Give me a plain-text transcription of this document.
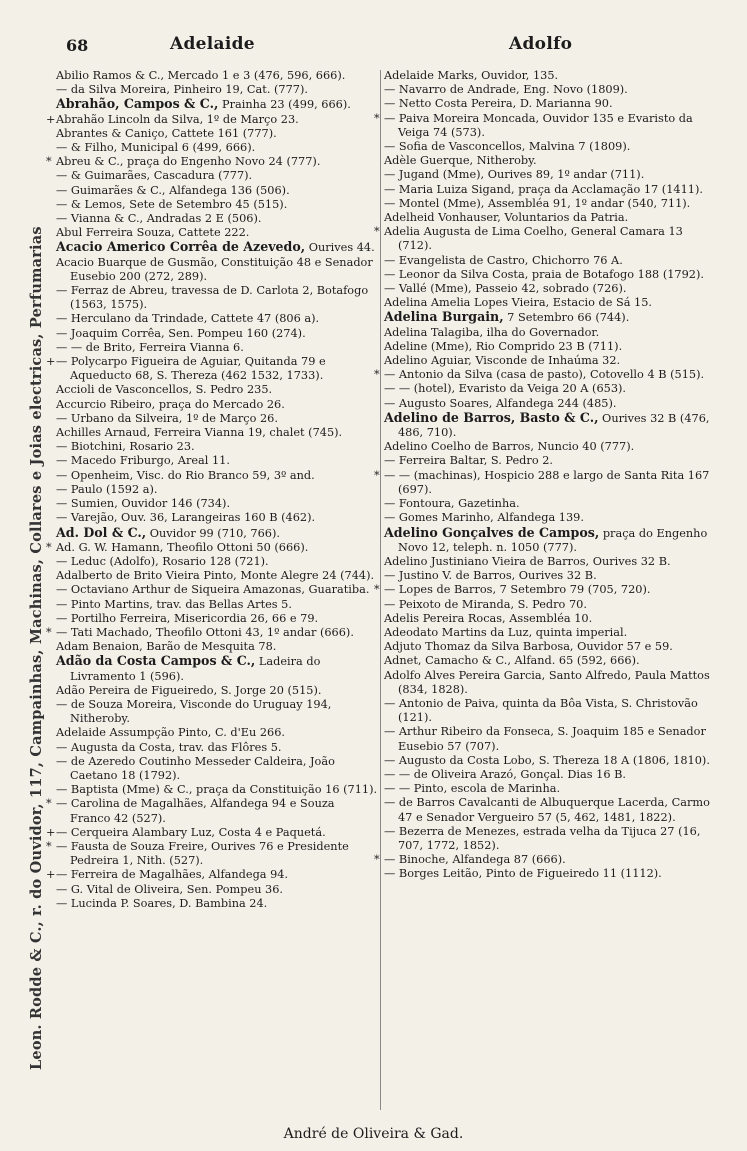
68	Adelaide	Adolfo
Leon. Rodde & C., r. do Ouvidor, 117, Campainhas, Machinas, Collares e Joias electricas, Perfumarias

Abilio Ramos & C., Mercado 1 e 3 (476, 596, 666).

— da Silva Moreira, Pinheiro 19, Cat. (777).

Abrahão, Campos & C., Prainha 23 (499, 666).

+ Abrahão Lincoln da Silva, 1º de Março 23.

Abrantes & Caniço, Cattete 161 (777).

— & Filho, Municipal 6 (499, 666).

* Abreu & C., praça do Engenho Novo 24 (777).

— & Guimarães, Cascadura (777).

— Guimarães & C., Alfandega 136 (506).

— & Lemos, Sete de Setembro 45 (515).

— Vianna & C., Andradas 2 E (506).

Abul Ferreira Souza, Cattete 222.

Acacio Americo Corrêa de Azevedo, Ourives 44.

Acacio Buarque de Gusmão, Constituição 48 e Senador Eusebio 200 (272, 289).

— Ferraz de Abreu, travessa de D. Carlota 2, Botafogo (1563, 1575).

— Herculano da Trindade, Cattete 47 (806 a).

— Joaquim Corrêa, Sen. Pompeu 160 (274).

— — de Brito, Ferreira Vianna 6.

+ — Polycarpo Figueira de Aguiar, Quitanda 79 e Aqueducto 68, S. Thereza (462 1532, 1733).

Accioli de Vasconcellos, S. Pedro 235.

Accurcio Ribeiro, praça do Mercado 26.

— Urbano da Silveira, 1º de Março 26.

Achilles Arnaud, Ferreira Vianna 19, chalet (745).

— Biotchini, Rosario 23.

— Macedo Friburgo, Areal 11.

— Openheim, Visc. do Rio Branco 59, 3º and.

— Paulo (1592 a).

— Sumien, Ouvidor 146 (734).

— Varejão, Ouv. 36, Larangeiras 160 B (462).

Ad. Dol & C., Ouvidor 99 (710, 766).

* Ad. G. W. Hamann, Theofilo Ottoni 50 (666).

— Leduc (Adolfo), Rosario 128 (721).

Adalberto de Brito Vieira Pinto, Monte Alegre 24 (744).

— Octaviano Arthur de Siqueira Amazonas, Guaratiba.

— Pinto Martins, trav. das Bellas Artes 5.

— Portilho Ferreira, Misericordia 26, 66 e 79.

* — Tati Machado, Theofilo Ottoni 43, 1º andar (666).

Adam Benaion, Barão de Mesquita 78.

Adão da Costa Campos & C., Ladeira do Livramento 1 (596).

Adão Pereira de Figueiredo, S. Jorge 20 (515).

— de Souza Moreira, Visconde do Uruguay 194, Nitheroby.

Adelaide Assumpção Pinto, C. d'Eu 266.

— Augusta da Costa, trav. das Flôres 5.

— de Azeredo Coutinho Messeder Caldeira, João Caetano 18 (1792).

— Baptista (Mme) & C., praça da Constituição 16 (711).

* — Carolina de Magalhães, Alfandega 94 e Souza Franco 42 (527).

+ — Cerqueira Alambary Luz, Costa 4 e Paquetá.

* — Fausta de Souza Freire, Ourives 76 e Presidente Pedreira 1, Nith. (527).

+ — Ferreira de Magalhães, Alfandega 94.

— G. Vital de Oliveira, Sen. Pompeu 36.

— Lucinda P. Soares, D. Bambina 24.

Adelaide Marks, Ouvidor, 135.

— Navarro de Andrade, Eng. Novo (1809).

— Netto Costa Pereira, D. Marianna 90.

* — Paiva Moreira Moncada, Ouvidor 135 e Evaristo da Veiga 74 (573).

— Sofia de Vasconcellos, Malvina 7 (1809).

Adèle Guerque, Nitheroby.

— Jugand (Mme), Ourives 89, 1º andar (711).

— Maria Luiza Sigand, praça da Acclamação 17 (1411).

— Montel (Mme), Assembléa 91, 1º andar (540, 711).

Adelheid Vonhauser, Voluntarios da Patria.

* Adelia Augusta de Lima Coelho, General Camara 13 (712).

— Evangelista de Castro, Chichorro 76 A.

— Leonor da Silva Costa, praia de Botafogo 188 (1792).

— Vallé (Mme), Passeio 42, sobrado (726).

Adelina Amelia Lopes Vieira, Estacio de Sá 15.

Adelina Burgain, 7 Setembro 66 (744).

Adelina Talagiba, ilha do Governador.

Adeline (Mme), Rio Comprido 23 B (711).

Adelino Aguiar, Visconde de Inhaúma 32.

* — Antonio da Silva (casa de pasto), Cotovello 4 B (515).

— — (hotel), Evaristo da Veiga 20 A (653).

— Augusto Soares, Alfandega 244 (485).

Adelino de Barros, Basto & C., Ourives 32 B (476, 486, 710).

Adelino Coelho de Barros, Nuncio 40 (777).

— Ferreira Baltar, S. Pedro 2.

* — — (machinas), Hospicio 288 e largo de Santa Rita 167 (697).

— Fontoura, Gazetinha.

— Gomes Marinho, Alfandega 139.

Adelino Gonçalves de Campos, praça do Engenho Novo 12, teleph. n. 1050 (777).

Adelino Justiniano Vieira de Barros, Ourives 32 B.

— Justino V. de Barros, Ourives 32 B.

* — Lopes de Barros, 7 Setembro 79 (705, 720).

— Peixoto de Miranda, S. Pedro 70.

Adelis Pereira Rocas, Assembléa 10.

Adeodato Martins da Luz, quinta imperial.

Adjuto Thomaz da Silva Barbosa, Ouvidor 57 e 59.

Adnet, Camacho & C., Alfand. 65 (592, 666).

Adolfo Alves Pereira Garcia, Santo Alfredo, Paula Mattos (834, 1828).

— Antonio de Paiva, quinta da Bôa Vista, S. Christovão (121).

— Arthur Ribeiro da Fonseca, S. Joaquim 185 e Senador Eusebio 57 (707).

— Augusto da Costa Lobo, S. Thereza 18 A (1806, 1810).

— — de Oliveira Arazó, Gonçal. Dias 16 B.

— — Pinto, escola de Marinha.

— de Barros Cavalcanti de Albuquerque Lacerda, Carmo 47 e Senador Vergueiro 57 (5, 462, 1481, 1822).

— Bezerra de Menezes, estrada velha da Tijuca 27 (16, 707, 1772, 1852).

* — Binoche, Alfandega 87 (666).

— Borges Leitão, Pinto de Figueiredo 11 (1112).

André de Oliveira & Gad.
